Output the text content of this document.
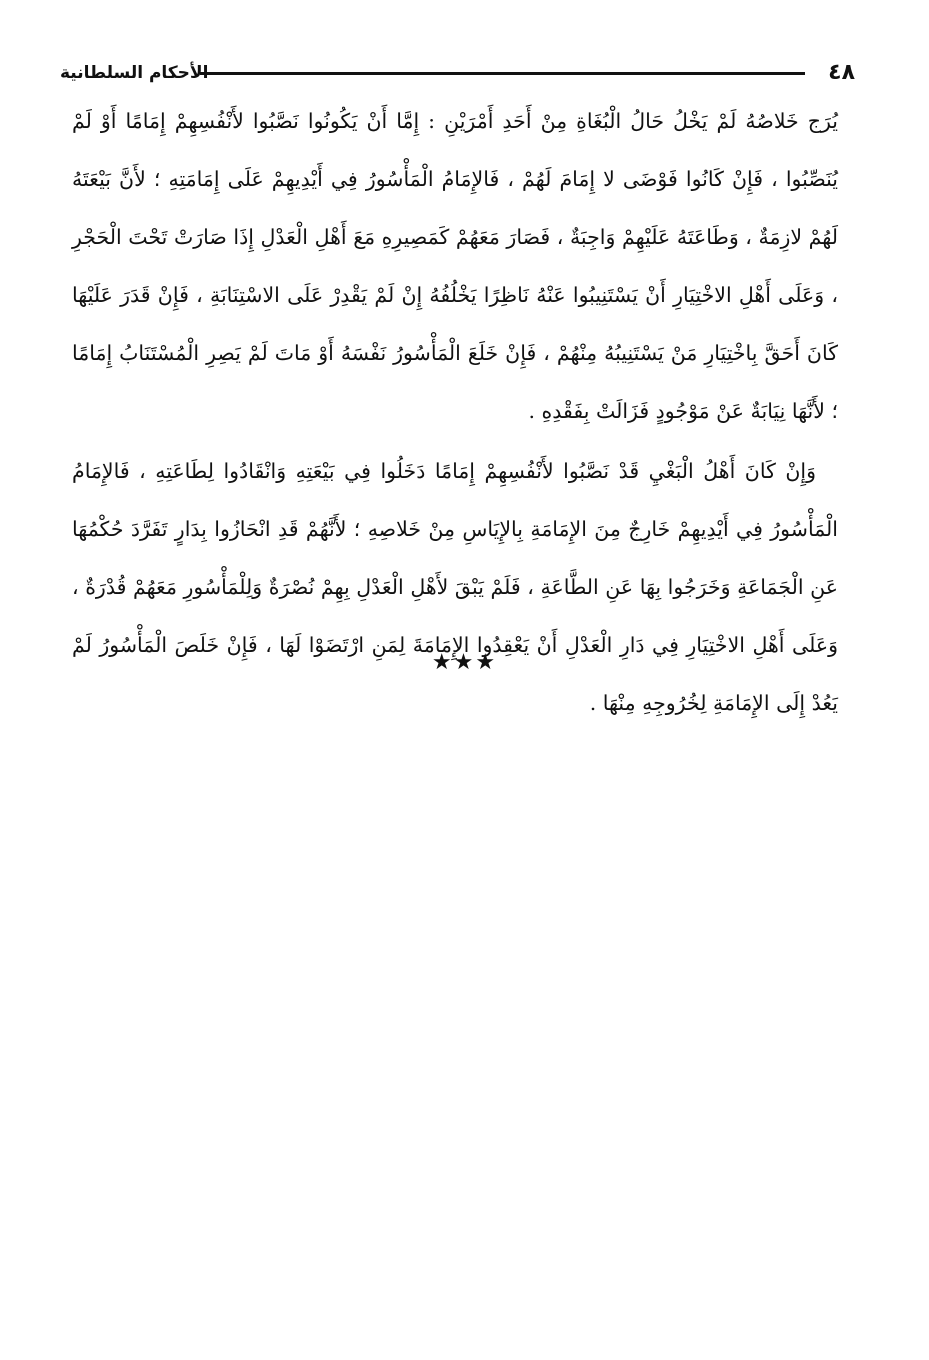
٤٨
الأحكام السلطانية

يُرَج خَلاصُهُ لَمْ يَخْلُ حَالُ الْبُغَاةِ مِنْ أَحَدِ أَمْرَيْنِ : إِمَّا أَنْ يَكُونُوا نَصَّبُوا لأَنْفُسِهِمْ إِمَامًا أَوْ لَمْ يُنَصِّبُوا ، فَإِنْ كَانُوا فَوْضَى لا إِمَامَ لَهُمْ ، فَالإِمَامُ الْمَأْسُورُ فِي أَيْدِيهِمْ عَلَى إِمَامَتِهِ ؛ لأَنَّ بَيْعَتَهُ لَهُمْ لازِمَةٌ ، وَطَاعَتَهُ عَلَيْهِمْ وَاجِبَةٌ ، فَصَارَ مَعَهُمْ كَمَصِيرِهِ مَعَ أَهْلِ الْعَدْلِ إِذَا صَارَتْ تَحْتَ الْحَجْرِ ، وَعَلَى أَهْلِ الاخْتِيَارِ أَنْ يَسْتَنِيبُوا عَنْهُ نَاظِرًا يَخْلُفُهُ إِنْ لَمْ يَقْدِرْ عَلَى الاسْتِنَابَةِ ، فَإِنْ قَدَرَ عَلَيْهَا كَانَ أَحَقَّ بِاخْتِيَارِ مَنْ يَسْتَنِيبُهُ مِنْهُمْ ، فَإِنْ خَلَعَ الْمَأْسُورُ نَفْسَهُ أَوْ مَاتَ لَمْ يَصِرِ الْمُسْتَنَابُ إِمَامًا ؛ لأَنَّهَا نِيَابَةٌ عَنْ مَوْجُودٍ فَزَالَتْ بِفَقْدِهِ .

وَإِنْ كَانَ أَهْلُ الْبَغْيِ قَدْ نَصَّبُوا لأَنْفُسِهِمْ إِمَامًا دَخَلُوا فِي بَيْعَتِهِ وَانْقَادُوا لِطَاعَتِهِ ، فَالإِمَامُ الْمَأْسُورُ فِي أَيْدِيهِمْ خَارِجٌ مِنَ الإِمَامَةِ بِالإِيَاسِ مِنْ خَلاصِهِ ؛ لأَنَّهُمْ قَدِ انْحَازُوا بِدَارٍ تَفَرَّدَ حُكْمُهَا عَنِ الْجَمَاعَةِ وَخَرَجُوا بِهَا عَنِ الطَّاعَةِ ، فَلَمْ يَبْقَ لأَهْلِ الْعَدْلِ بِهِمْ نُصْرَةٌ وَلِلْمَأْسُورِ مَعَهُمْ قُدْرَةٌ ، وَعَلَى أَهْلِ الاخْتِيَارِ فِي دَارِ الْعَدْلِ أَنْ يَعْقِدُوا الإِمَامَةَ لِمَنِ ارْتَضَوْا لَهَا ، فَإِنْ خَلَصَ الْمَأْسُورُ لَمْ يَعُدْ إِلَى الإِمَامَةِ لِخُرُوجِهِ مِنْهَا .

★★★
